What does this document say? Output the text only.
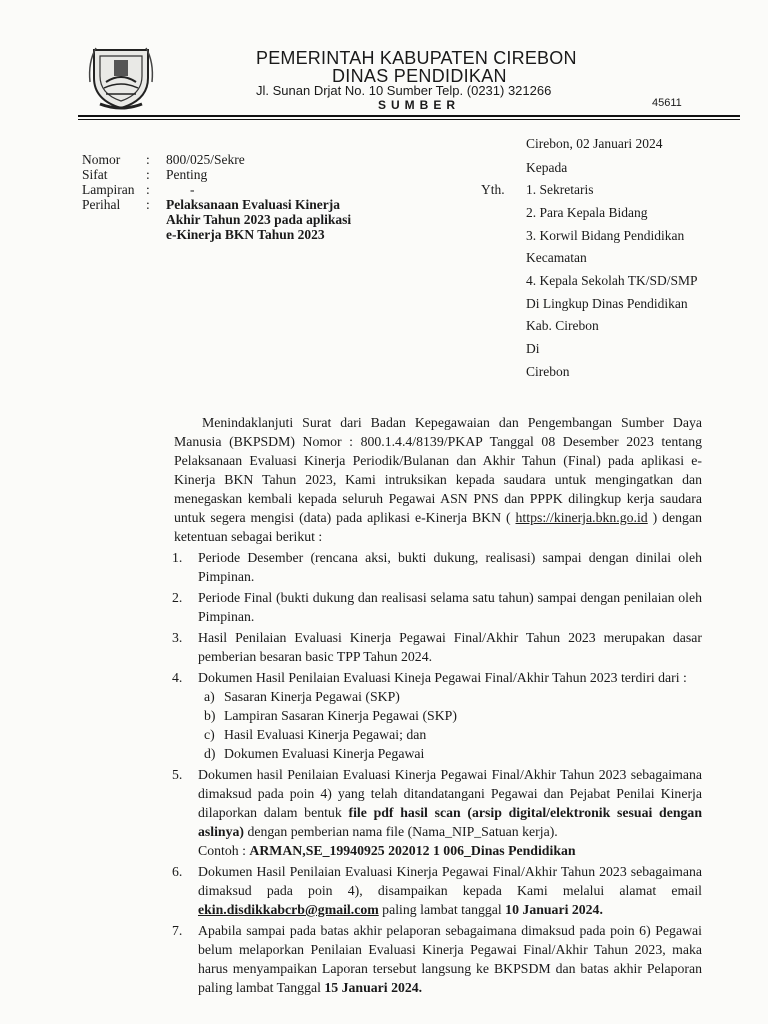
PEMERINTAH KABUPATEN CIREBON
DINAS PENDIDIKAN
Jl. Sunan Drjat No. 10 Sumber Telp. (0231) 321266
SUMBER	45611
Nomor	:	800/025/Sekre
Sifat	:	Penting
Lampiran :	-
Perihal	:	Pelaksanaan Evaluasi Kinerja
Akhir Tahun 2023 pada aplikasi
e-Kinerja BKN Tahun 2023
Yth.

Cirebon, 02 Januari 2024

Kepada

1. Sekretaris

2. Para Kepala Bidang

3. Korwil Bidang Pendidikan

Kecamatan

4. Kepala Sekolah TK/SD/SMP

Di Lingkup Dinas Pendidikan

Kab. Cirebon

Di

Cirebon

Menindaklanjuti Surat dari Badan Kepegawaian dan Pengembangan Sumber Daya Manusia (BKPSDM) Nomor : 800.1.4.4/8139/PKAP Tanggal 08 Desember 2023 tentang Pelaksanaan Evaluasi Kinerja Periodik/Bulanan dan Akhir Tahun (Final) pada aplikasi e-Kinerja BKN Tahun 2023, Kami intruksikan kepada saudara untuk mengingatkan dan menegaskan kembali kepada seluruh Pegawai ASN PNS dan PPPK dilingkup kerja saudara untuk segera mengisi (data) pada aplikasi e-Kinerja BKN ( https://kinerja.bkn.go.id ) dengan ketentuan sebagai berikut :
1.	Periode Desember (rencana aksi, bukti dukung, realisasi) sampai dengan dinilai oleh Pimpinan.
2.	Periode Final (bukti dukung dan realisasi selama satu tahun) sampai dengan penilaian oleh Pimpinan.
3.	Hasil Penilaian Evaluasi Kinerja Pegawai Final/Akhir Tahun 2023 merupakan dasar pemberian besaran basic TPP Tahun 2024.
4.	Dokumen Hasil Penilaian Evaluasi Kineja Pegawai Final/Akhir Tahun 2023 terdiri dari :
a) Sasaran Kinerja Pegawai (SKP)
b) Lampiran Sasaran Kinerja Pegawai (SKP)
c) Hasil Evaluasi Kinerja Pegawai; dan
d) Dokumen Evaluasi Kinerja Pegawai
5.	Dokumen hasil Penilaian Evaluasi Kinerja Pegawai Final/Akhir Tahun 2023 sebagaimana dimaksud pada poin 4) yang telah ditandatangani Pegawai dan Pejabat Penilai Kinerja dilaporkan dalam bentuk file pdf hasil scan (arsip digital/elektronik sesuai dengan aslinya) dengan pemberian nama file (Nama_NIP_Satuan kerja).
Contoh : ARMAN,SE_19940925 202012 1 006_Dinas Pendidikan
6.	Dokumen Hasil Penilaian Evaluasi Kinerja Pegawai Final/Akhir Tahun 2023 sebagaimana dimaksud pada poin 4), disampaikan kepada Kami melalui alamat email ekin.disdikkabcrb@gmail.com paling lambat tanggal 10 Januari 2024.
7.	Apabila sampai pada batas akhir pelaporan sebagaimana dimaksud pada poin 6) Pegawai belum melaporkan Penilaian Evaluasi Kinerja Pegawai Final/Akhir Tahun 2023, maka harus menyampaikan Laporan tersebut langsung ke BKPSDM dan batas akhir Pelaporan paling lambat Tanggal 15 Januari 2024.
